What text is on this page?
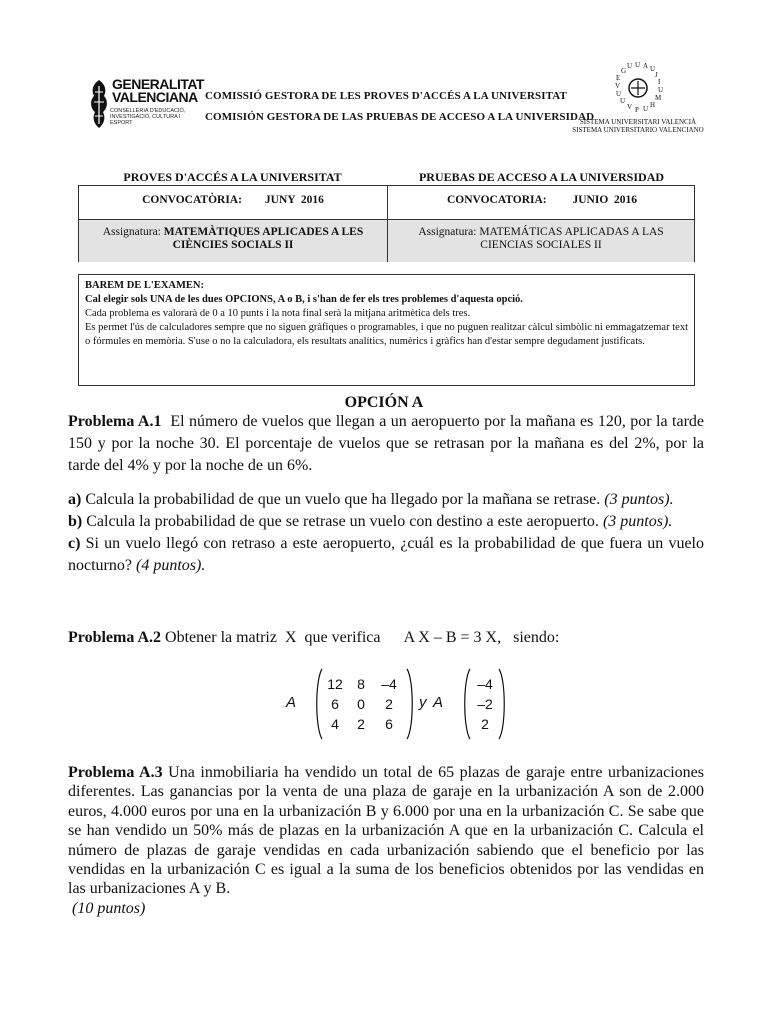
GENERALITAT
VALENCIANA
CONSELLERIA D'EDUCACIÓ, INVESTIGACIÓ, CULTURA I ESPORT
COMISSIÓ GESTORA DE LES PROVES D'ACCÉS A LA UNIVERSITAT
COMISIÓN GESTORA DE LAS PRUEBAS DE ACCESO A LA UNIVERSIDAD
U A U
J
I
U
M
H
U
P
V
U
U
V
E
G
U
SISTEMA UNIVERSITARI VALENCIÀ
SISTEMA UNIVERSITARIO VALENCIANO
PROVES D'ACCÉS A LA UNIVERSITAT	PRUEBAS DE ACCESO A LA UNIVERSIDAD
CONVOCATÒRIA:        JUNY  2016	CONVOCATORIA:         JUNIO  2016
Assignatura: MATEMÀTIQUES APLICADES A LES CIÈNCIES SOCIALS II
Assignatura: MATEMÁTICAS APLICADAS A LAS CIENCIAS SOCIALES II
BAREM DE L'EXAMEN:
Cal elegir sols UNA de les dues OPCIONS, A o B, i s'han de fer els tres problemes d'aquesta opció.
Cada problema es valorarà de 0 a 10 punts i la nota final serà la mitjana aritmètica dels tres.
Es permet l'ús de calculadores sempre que no siguen gràfiques o programables, i que no puguen realitzar càlcul simbòlic ni emmagatzemar text o fórmules en memòria. S'use o no la calculadora, els resultats analítics, numèrics i gràfics han d'estar sempre degudament justificats.
OPCIÓN A
Problema A.1 El número de vuelos que llegan a un aeropuerto por la mañana es 120, por la tarde 150 y por la noche 30. El porcentaje de vuelos que se retrasan por la mañana es del 2%, por la tarde del 4% y por la noche de un 6%.
a) Calcula la probabilidad de que un vuelo que ha llegado por la mañana se retrase. (3 puntos).
b) Calcula la probabilidad de que se retrase un vuelo con destino a este aeropuerto. (3 puntos).
c) Si un vuelo llegó con retraso a este aeropuerto, ¿cuál es la probabilidad de que fuera un vuelo nocturno? (4 puntos).
Problema A.2 Obtener la matriz  X  que verifica A X – B = 3 X, siendo:
A
12	8	–4
6	0	2
4	2	6
y A
–4
–2
2
Problema A.3 Una inmobiliaria ha vendido un total de 65 plazas de garaje entre urbanizaciones diferentes. Las ganancias por la venta de una plaza de garaje en la urbanización A son de 2.000 euros, 4.000 euros por una en la urbanización B y 6.000 por una en la urbanización C. Se sabe que se han vendido un 50% más de plazas en la urbanización A que en la urbanización C. Calcula el número de plazas de garaje vendidas en cada urbanización sabiendo que el beneficio por las vendidas en la urbanización C es igual a la suma de los beneficios obtenidos por las vendidas en las urbanizaciones A y B.
(10 puntos)
